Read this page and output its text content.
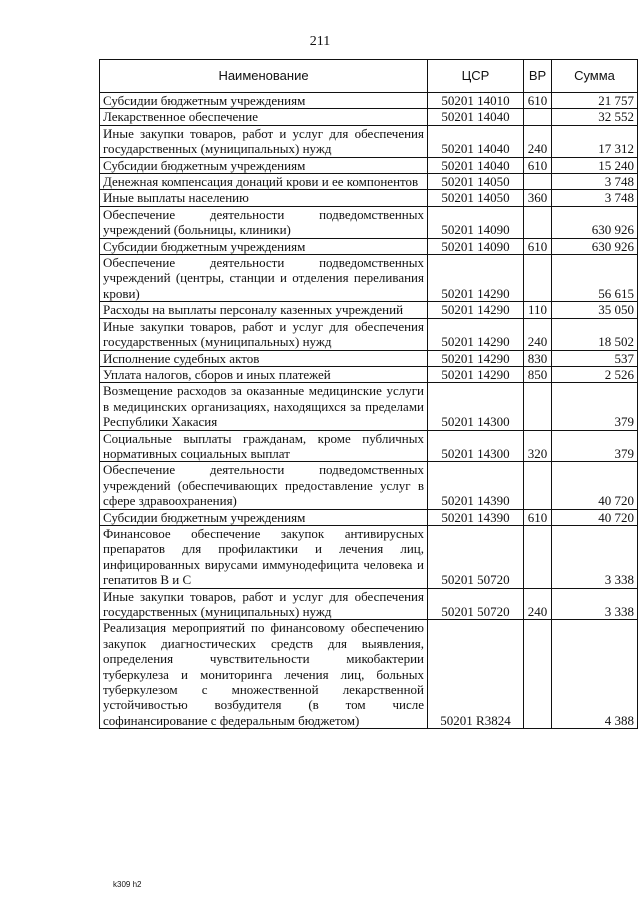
211
Наименование	ЦСР	ВР	Сумма
Субсидии бюджетным учреждениям	50201 14010	610	21 757
Лекарственное обеспечение	50201 14040		32 552
Иные закупки товаров, работ и услуг для обеспечения государственных (муниципальных) нужд	50201 14040	240	17 312
Субсидии бюджетным учреждениям	50201 14040	610	15 240
Денежная компенсация донаций крови и ее компонентов	50201 14050		3 748
Иные выплаты населению	50201 14050	360	3 748
Обеспечение деятельности подведомственных учреждений (больницы, клиники)	50201 14090		630 926
Субсидии бюджетным учреждениям	50201 14090	610	630 926
Обеспечение деятельности подведомственных учреждений (центры, станции и отделения переливания крови)	50201 14290		56 615
Расходы на выплаты персоналу казенных учреждений	50201 14290	110	35 050
Иные закупки товаров, работ и услуг для обеспечения государственных (муниципальных) нужд	50201 14290	240	18 502
Исполнение судебных актов	50201 14290	830	537
Уплата налогов, сборов и иных платежей	50201 14290	850	2 526
Возмещение расходов за оказанные медицинские услуги в медицинских организациях, находящихся за пределами Республики Хакасия	50201 14300		379
Социальные выплаты гражданам, кроме публичных нормативных социальных выплат	50201 14300	320	379
Обеспечение деятельности подведомственных учреждений (обеспечивающих предоставление услуг в сфере здравоохранения)	50201 14390		40 720
Субсидии бюджетным учреждениям	50201 14390	610	40 720
Финансовое обеспечение закупок антивирусных препаратов для профилактики и лечения лиц, инфицированных вирусами иммунодефицита человека и гепатитов В и С	50201 50720		3 338
Иные закупки товаров, работ и услуг для обеспечения государственных (муниципальных) нужд	50201 50720	240	3 338
Реализация мероприятий по финансовому обеспечению закупок диагностических средств для выявления, определения чувствительности микобактерии туберкулеза и мониторинга лечения лиц, больных туберкулезом с множественной лекарственной устойчивостью возбудителя (в том числе софинансирование с федеральным бюджетом)	50201 R3824		4 388
k309 h2
